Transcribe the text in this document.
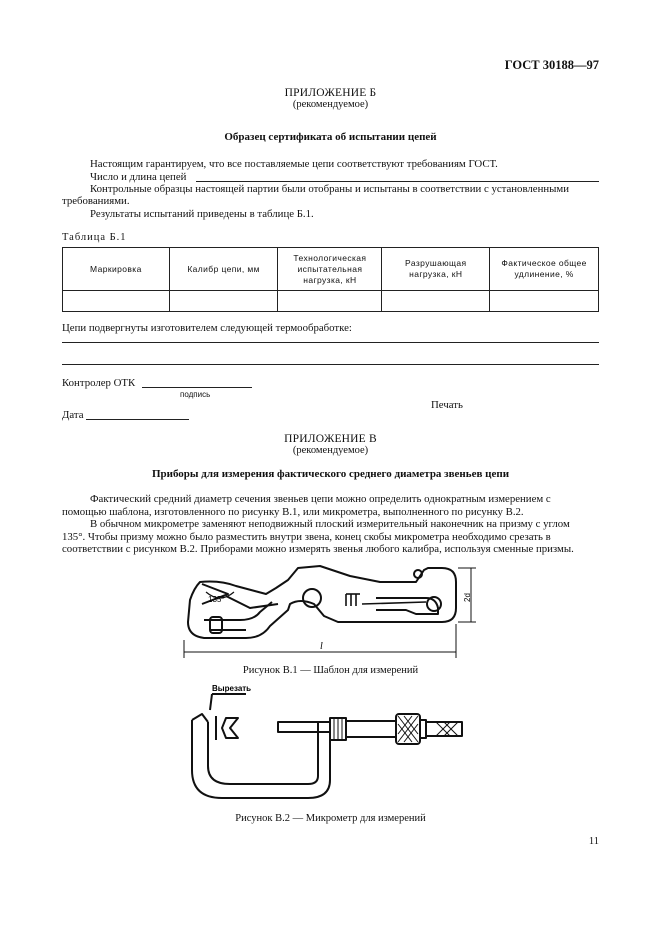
ГОСТ 30188—97
ПРИЛОЖЕНИЕ Б
(рекомендуемое)
Образец сертификата об испытании цепей
Настоящим гарантируем, что все поставляемые цепи соответствуют требованиям ГОСТ.
Число и длина цепей
Контрольные образцы настоящей партии были отобраны и испытаны в соответствии с установленными
требованиями.
Результаты испытаний приведены в таблице Б.1.
Таблица Б.1
Маркировка	Калибр цепи, мм	Технологическая испытательная нагрузка, кН	Разрушающая нагрузка, кН	Фактическое общее удлинение, %

Цепи подвергнуты изготовителем следующей термообработке:
Контролер ОТК
подпись
Печать
Дата
ПРИЛОЖЕНИЕ В
(рекомендуемое)
Приборы для измерения фактического среднего диаметра звеньев цепи
Фактический средний диаметр сечения звеньев цепи можно определить однократным измерением с
помощью шаблона, изготовленного по рисунку В.1, или микрометра, выполненного по рисунку В.2.
В обычном микрометре заменяют неподвижный плоский измерительный наконечник на призму с углом
135°. Чтобы призму можно было разместить внутри звена, конец скобы микрометра необходимо срезать в
соответствии с рисунком В.2. Приборами можно измерять звенья любого калибра, используя сменные призмы.
135°	2d
l
Рисунок В.1 — Шаблон для измерений
Вырезать
Рисунок В.2 — Микрометр для измерений
11
